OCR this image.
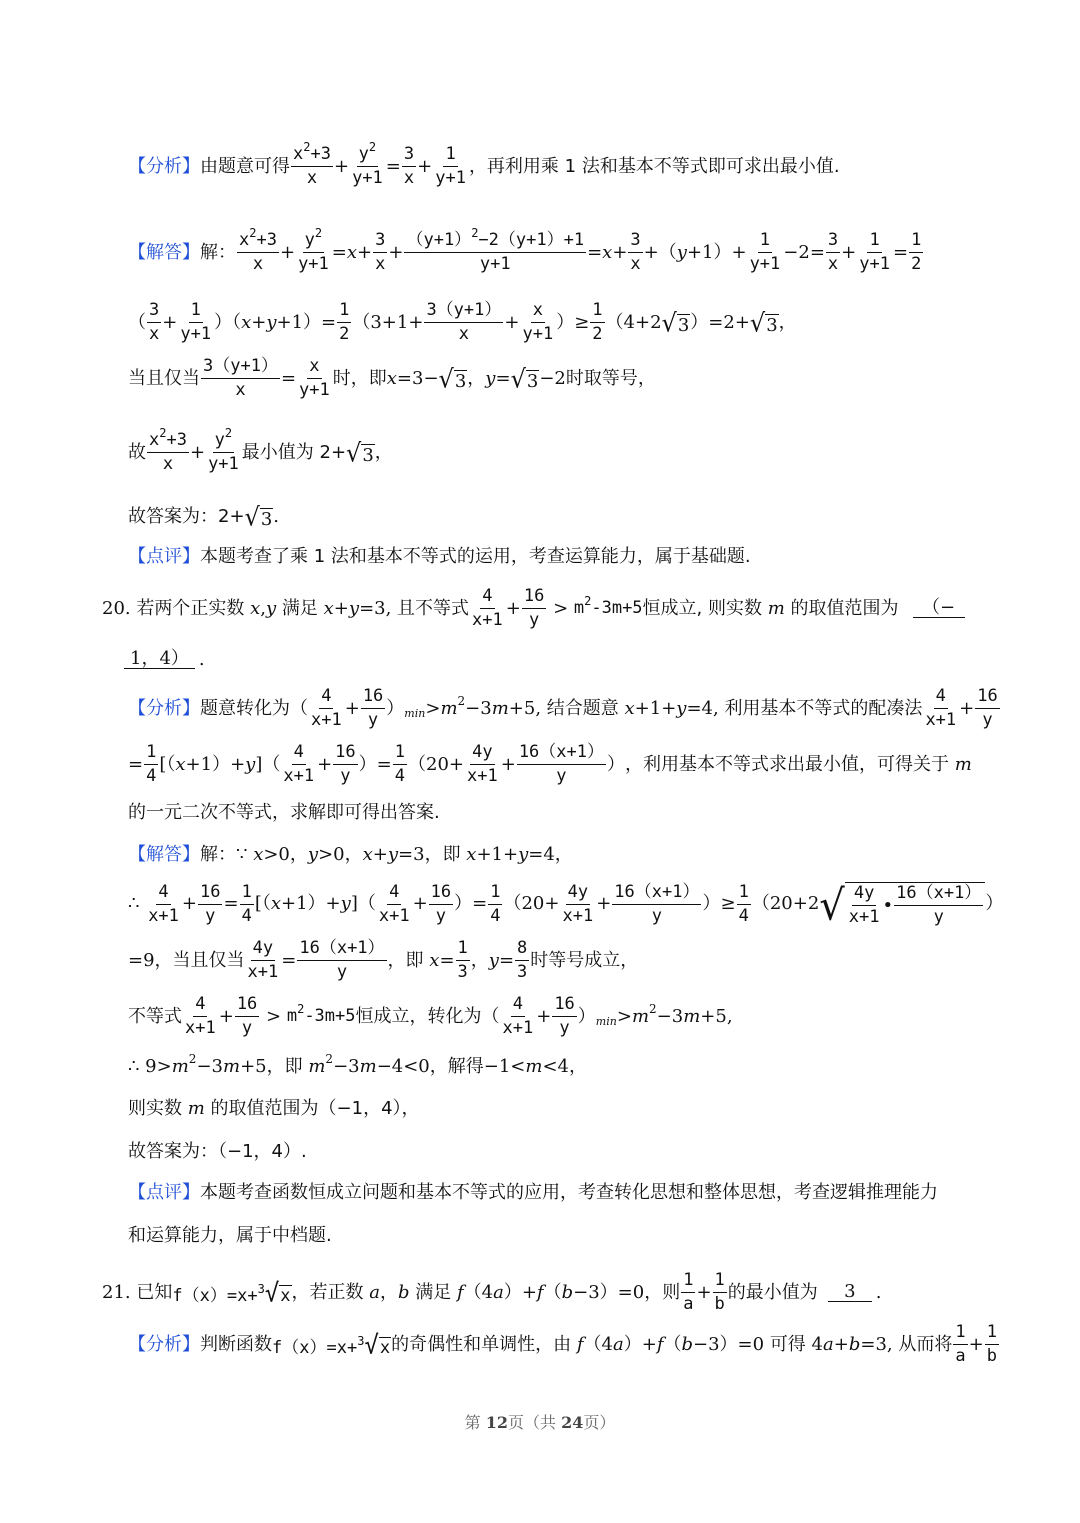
【分析】 由题意可得 $\frac{x^2+3}{x} + \frac{y^2}{y+1} = \frac{3}{x} + \frac{1}{y+1}$ ，再利用乘 1 法和基本不等式即可求出最小值.
【解答】 解： $\frac{x^2+3}{x} + \frac{y^2}{y+1} = x + \frac{3}{x} + \frac{(y+1)^2-2(y+1)+1}{y+1} = x + \frac{3}{x}$ +（ $y +1)+ \frac{1}{y+1} -2= \frac{3}{x} + \frac{1}{y+1} = \frac{1}{2}$
（ $\frac{3}{x} + \frac{1}{y+1}$ ）（ $x + y +1)= \frac{1}{2} (3+1+ \frac{3(y+1)}{x} + \frac{x}{y+1}$ ）≥ $\frac{1}{2} (4+2$ √ 3 ）=2+ √ 3 ，
当且仅当 $\frac{3(y+1)}{x} = \frac{x}{y+1}$ 时，即 x =3− √ 3 ， y = √ 3 −2 时取等号，
故 $\frac{x^2+3}{x} + \frac{y^2}{y+1}$ 最小值为 2+ √ 3 ，
故答案为：2+ √ 3 .
【点评】 本题考查了乘 1 法和基本不等式的运用，考查运算能力，属于基础题.
20.
若两个正实数
x , y
满足
x + y =3, 且不等式 $\frac{4}{x+1} + \frac{16}{y} > m^2-3m+5$ 恒成立, 则实数
m
的取值范围为	（−
1，4） .
【分析】 题意转化为 （ $\frac{4}{x+1} + \frac{16}{y}$ ） min > m 2 −3 m +5, 结合题意
x +1+ y =4, 利用基本不等式的配凑法 $\frac{4}{x+1} + \frac{16}{y}$
= $\frac{1}{4}$ [（ x +1）+ y ]（ $\frac{4}{x+1} + \frac{16}{y}$ ）= $\frac{1}{4} (20+ \frac{4y}{x+1} + \frac{16(x+1)}{y}$ ） ，利用基本不等式求出最小值，可得关于
m
的一元二次不等式，求解即可得出答案.
【解答】 解： ∵ x >0， y >0， x + y =3，即 x +1+ y =4，
∴ $\frac{4}{x+1} + \frac{16}{y} = \frac{1}{4}$ [（ x +1）+ y ]（ $\frac{4}{x+1} + \frac{16}{y}$ ）= $\frac{1}{4} (20+ \frac{4y}{x+1} + \frac{16(x+1)}{y}$ ）≥ $\frac{1}{4} (20+2$ √ $\frac{4y}{x+1}$ • $\frac{16(x+1)}{y}$ ）
=9， 当且仅当 $\frac{4y}{x+1} = \frac{16(x+1)}{y}$ ，即
$x = \frac{1}{3}$ ， $y = \frac{8}{3}$ 时等号成立，
不等式 $\frac{4}{x+1} + \frac{16}{y} > m^2-3m+5$ 恒成立，转化为 （ $\frac{4}{x+1} + \frac{16}{y}$ ） min > m 2 −3 m +5,
∴ 9> m 2 −3 m +5， 即
m 2 −3 m −4<0， 解得 −1< m <4，
则实数
m
的取值范围为（−1，4），
故答案为：（−1，4）.
【点评】 本题考查函数恒成立问题和基本不等式的应用，考查转化思想和整体思想，考查逻辑推理能力
和运算能力，属于中档题.
21.
已知 f（x）=x+$^3$ √ x ， 若正数
a ， b
满足
f （4 a ）+ f （ b −3）=0， 则 $\frac{1}{a} + \frac{1}{b}$ 的最小值为	3	.
【分析】 判断函数 f（x）=x+$^3$ √ x 的奇偶性和单调性，由
f （4 a ）+ f （ b −3）=0 可得 4 a + b =3, 从而将 $\frac{1}{a} + \frac{1}{b}$
第 12页（共 24页）
